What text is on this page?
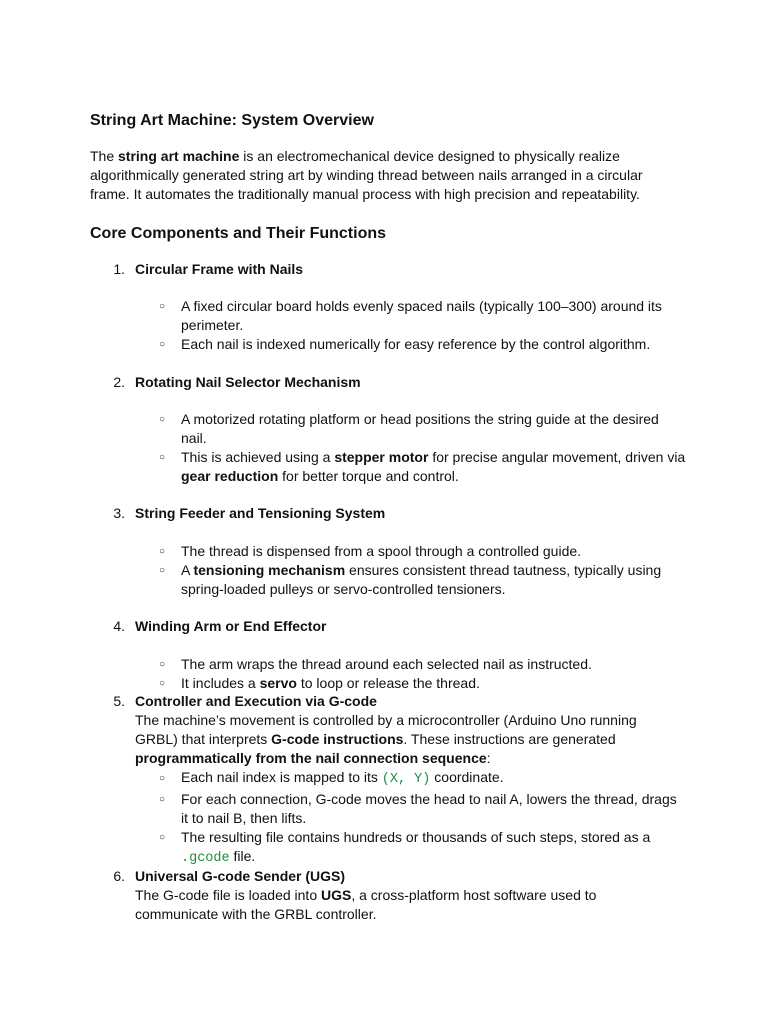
String Art Machine: System Overview
The string art machine is an electromechanical device designed to physically realize
algorithmically generated string art by winding thread between nails arranged in a circular
frame. It automates the traditionally manual process with high precision and repeatability.
Core Components and Their Functions
1. Circular Frame with Nails
○ A fixed circular board holds evenly spaced nails (typically 100–300) around its
perimeter.
○ Each nail is indexed numerically for easy reference by the control algorithm.
2. Rotating Nail Selector Mechanism
○ A motorized rotating platform or head positions the string guide at the desired
nail.
○ This is achieved using a stepper motor for precise angular movement, driven via
gear reduction for better torque and control.
3. String Feeder and Tensioning System
○ The thread is dispensed from a spool through a controlled guide.
○ A tensioning mechanism ensures consistent thread tautness, typically using
spring-loaded pulleys or servo-controlled tensioners.
4. Winding Arm or End Effector
○ The arm wraps the thread around each selected nail as instructed.
○ It includes a servo to loop or release the thread.
5. Controller and Execution via G-code
The machine’s movement is controlled by a microcontroller (Arduino Uno running
GRBL) that interprets G-code instructions. These instructions are generated
programmatically from the nail connection sequence:
○ Each nail index is mapped to its (X, Y) coordinate.
○ For each connection, G-code moves the head to nail A, lowers the thread, drags
it to nail B, then lifts.
○ The resulting file contains hundreds or thousands of such steps, stored as a
.gcode file.
6. Universal G-code Sender (UGS)
The G-code file is loaded into UGS, a cross-platform host software used to
communicate with the GRBL controller.
